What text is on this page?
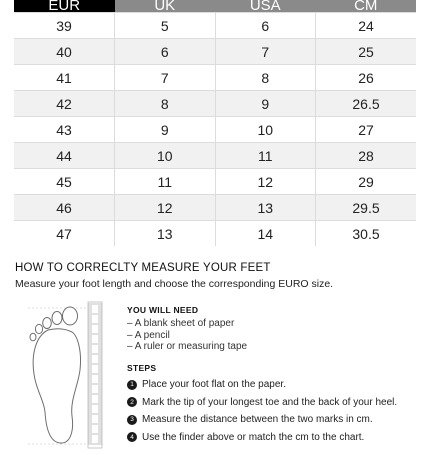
EUR	UK	USA	CM
39	5	6	24
40	6	7	25
41	7	8	26
42	8	9	26.5
43	9	10	27
44	10	11	28
45	11	12	29
46	12	13	29.5
47	13	14	30.5
HOW TO CORRECLTY MEASURE YOUR FEET
Measure your foot length and choose the corresponding EURO size.
YOU WILL NEED
– A blank sheet of paper
– A pencil
– A ruler or measuring tape
STEPS
1 Place your foot flat on the paper.
2 Mark the tip of your longest toe and the back of your heel.
3 Measure the distance between the two marks in cm.
4 Use the finder above or match the cm to the chart.
